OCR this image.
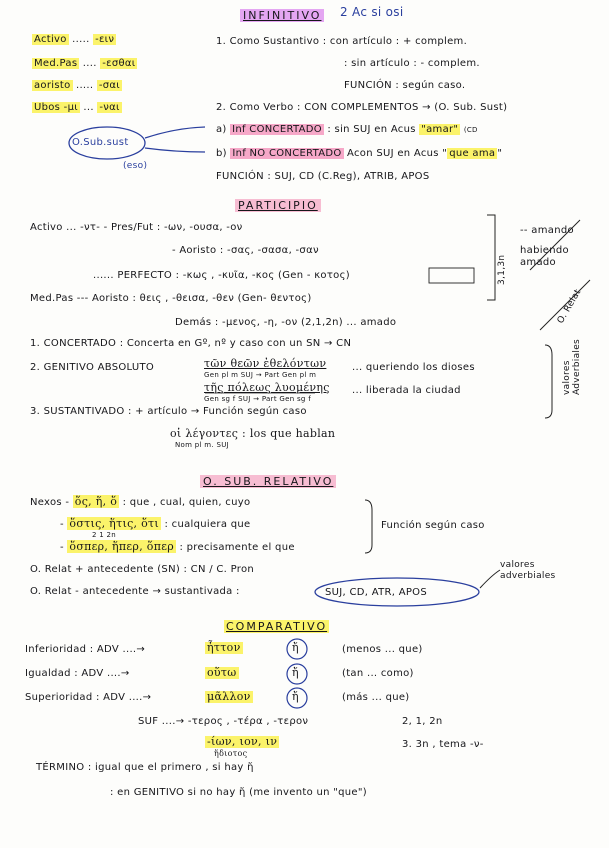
INFINITIVO 2 Ac si osi
Activo ..... -ειν
Med.Pas .... -εσθαι
aoristo ..... -σαι
Ubos -μι ... -ναι
1. Como Sustantivo : con artículo : + complem.
: sin artículo : - complem.
FUNCIÓN : según caso.
2. Como Verbo : CON COMPLEMENTOS → (O. Sub. Sust)
O.Sub.sust
(eso)
a) Inf CONCERTADO : sin SUJ en Acus "amar" (CD
b) Inf NO CONCERTADO Acon SUJ en Acus " que ama "
FUNCIÓN : SUJ, CD (C.Reg), ATRIB, APOS
PARTICIPIO
Activo ... -ντ- - Pres/Fut : -ων, -ουσα, -ον
- Aoristo : -σας, -σασα, -σαν
...... PERFECTO : -κως , -κυῖα, -κος (Gen - κοτος)
Med.Pas --- Aoristo : θεις , -θεισα, -θεν (Gen- θεντος)
Demás : -μενος, -η, -ον (2,1,2n) ... amado
3,1,3n
-- amando
habiendo amado
O. Relat
1. CONCERTADO : Concerta en Gº, nº y caso con un SN → CN
2. GENITIVO ABSOLUTO	τῶν θεῶν ἐθελόντων
Gen pl m SUJ → Part Gen pl m
... queriendo los dioses
τῆς πόλεως λυομένης
Gen sg f SUJ → Part Gen sg f
... liberada la ciudad
3. SUSTANTIVADO : + artículo → Función según caso
οἱ λέγοντες : los que hablan
Nom pl m. SUJ
valores Adverbiales
O. SUB. RELATIVO
Nexos - ὅς, ἥ, ὅ : que , cual, quien, cuyo
- ὅστις, ἥτις, ὅτι : cualquiera que
2 1 2n
- ὅσπερ, ἥπερ, ὅπερ : precisamente el que
Función según caso
O. Relat + antecedente (SN) : CN / C. Pron
O. Relat - antecedente → sustantivada :	SUJ, CD, ATR, APOS
valores adverbiales
COMPARATIVO
Inferioridad : ADV ....→	ἧττον	ἤ	(menos ... que)
Igualdad : ADV ....→	οὕτω	ἤ	(tan ... como)
Superioridad : ADV ....→	μᾶλλον	ἤ	(más ... que)
SUF ....→ -τερος , -τέρα , -τερον	2, 1, 2n
-ίων, ιον, ιν
ἥδιοτος
3. 3n , tema -ν-
TÉRMINO : igual que el primero , si hay ἤ
: en GENITIVO si no hay ἤ (me invento un "que")
